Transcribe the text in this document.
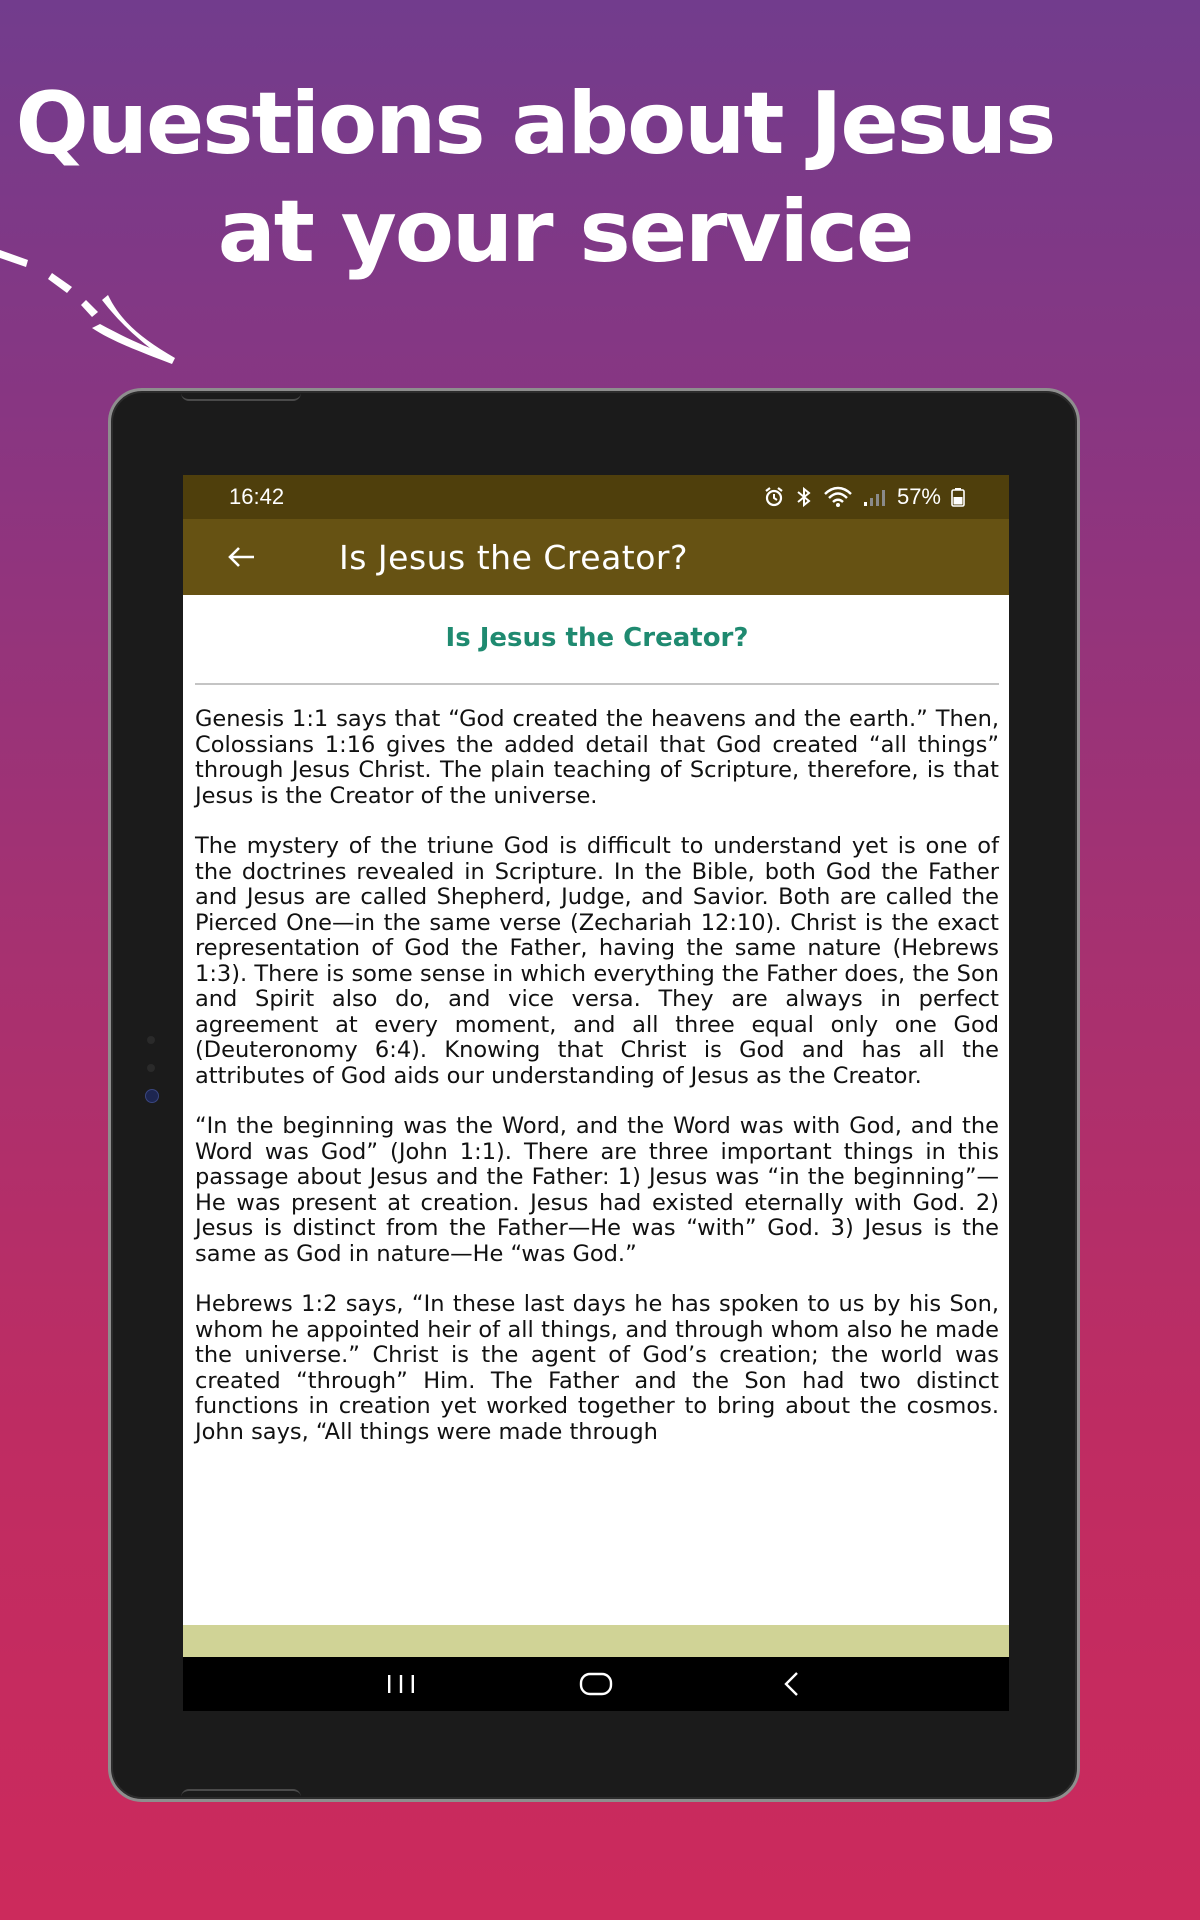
Questions about Jesus
at your service
16:42	57%
Is Jesus the Creator?
Is Jesus the Creator?

Genesis 1:1 says that “God created the heavens and the earth.” Then, Colossians 1:16 gives the added detail that God created “all things” through Jesus Christ. The plain teaching of Scripture, therefore, is that Jesus is the Creator of the universe.

The mystery of the triune God is difficult to understand yet is one of the doctrines revealed in Scripture. In the Bible, both God the Father and Jesus are called Shepherd, Judge, and Savior. Both are called the Pierced One—in the same verse (Zechariah 12:10). Christ is the exact representation of God the Father, having the same nature (Hebrews 1:3). There is some sense in which everything the Father does, the Son and Spirit also do, and vice versa. They are always in perfect agreement at every moment, and all three equal only one God (Deuteronomy 6:4). Knowing that Christ is God and has all the attributes of God aids our understanding of Jesus as the Creator.

“In the beginning was the Word, and the Word was with God, and the Word was God” (John 1:1). There are three important things in this passage about Jesus and the Father: 1) Jesus was “in the beginning”—He was present at creation. Jesus had existed eternally with God. 2) Jesus is distinct from the Father—He was “with” God. 3) Jesus is the same as God in nature—He “was God.”

Hebrews 1:2 says, “In these last days he has spoken to us by his Son, whom he appointed heir of all things, and through whom also he made the universe.” Christ is the agent of God’s creation; the world was created “through” Him. The Father and the Son had two distinct functions in creation yet worked together to bring about the cosmos. John says, “All things were made through
